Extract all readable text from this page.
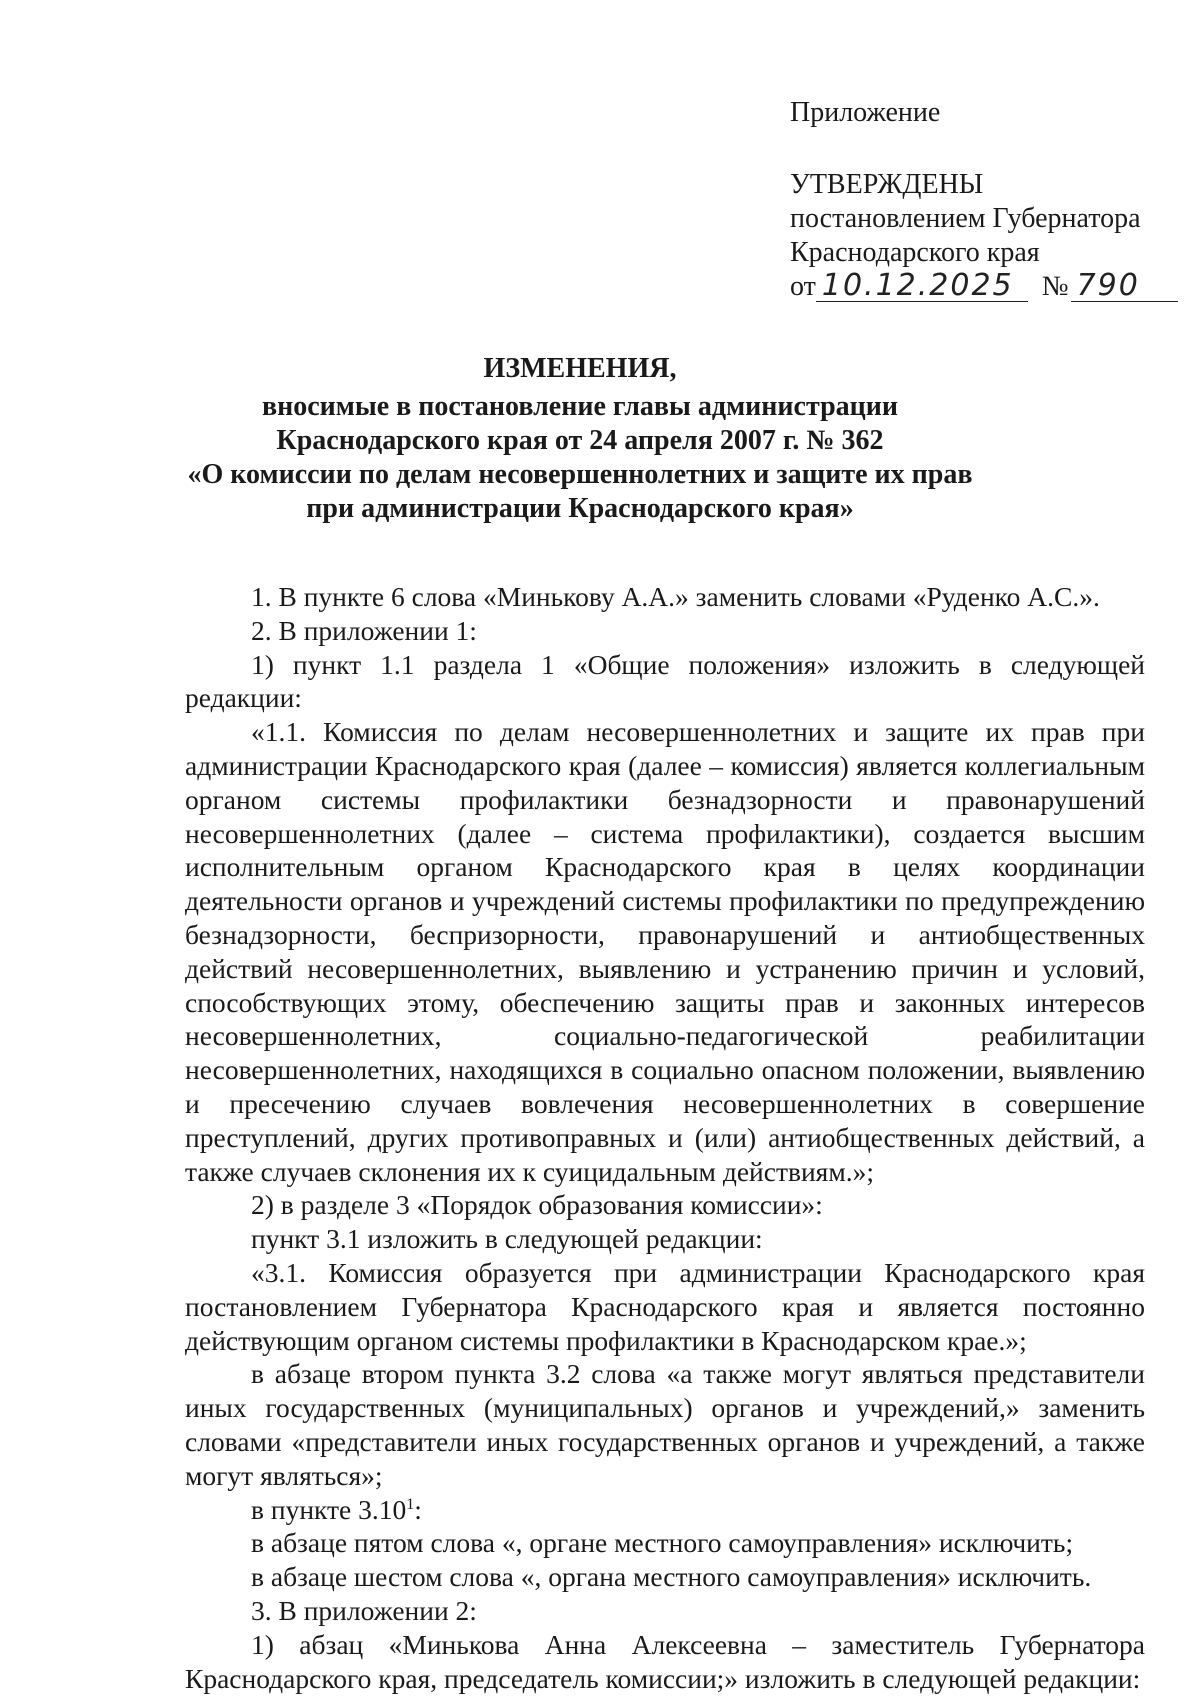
Приложение
УТВЕРЖДЕНЫ
постановлением Губернатора
Краснодарского края
от 10.12.2025 № 790
ИЗМЕНЕНИЯ,
вносимые в постановление главы администрации
Краснодарского края от 24 апреля 2007 г. № 362
«О комиссии по делам несовершеннолетних и защите их прав
при администрации Краснодарского края»

1. В пункте 6 слова «Минькову А.А.» заменить словами «Руденко А.С.».

2. В приложении 1:

1) пункт 1.1 раздела 1 «Общие положения» изложить в следующей редакции:

«1.1. Комиссия по делам несовершеннолетних и защите их прав при администрации Краснодарского края (далее – комиссия) является коллегиальным органом системы профилактики безнадзорности и правонарушений несовершеннолетних (далее – система профилактики), создается высшим исполнительным органом Краснодарского края в целях координации деятельности органов и учреждений системы профилактики по предупреждению безнадзорности, беспризорности, правонарушений и антиобщественных действий несовершеннолетних, выявлению и устранению причин и условий, способствующих этому, обеспечению защиты прав и законных интересов несовершеннолетних, социально-педагогической реабилитации несовершеннолетних, находящихся в социально опасном положении, выявлению и пресечению случаев вовлечения несовершеннолетних в совершение преступлений, других противоправных и (или) антиобщественных действий, а также случаев склонения их к суицидальным действиям.»;

2) в разделе 3 «Порядок образования комиссии»:

пункт 3.1 изложить в следующей редакции:

«3.1. Комиссия образуется при администрации Краснодарского края постановлением Губернатора Краснодарского края и является постоянно действующим органом системы профилактики в Краснодарском крае.»;

в абзаце втором пункта 3.2 слова «а также могут являться представители иных государственных (муниципальных) органов и учреждений,» заменить словами «представители иных государственных органов и учреждений, а также могут являться»;

в пункте 3.10$^1$:

в абзаце пятом слова «, органе местного самоуправления» исключить;

в абзаце шестом слова «, органа местного самоуправления» исключить.

3. В приложении 2:

1) абзац «Минькова Анна Алексеевна – заместитель Губернатора Краснодарского края, председатель комиссии;» изложить в следующей редакции:
